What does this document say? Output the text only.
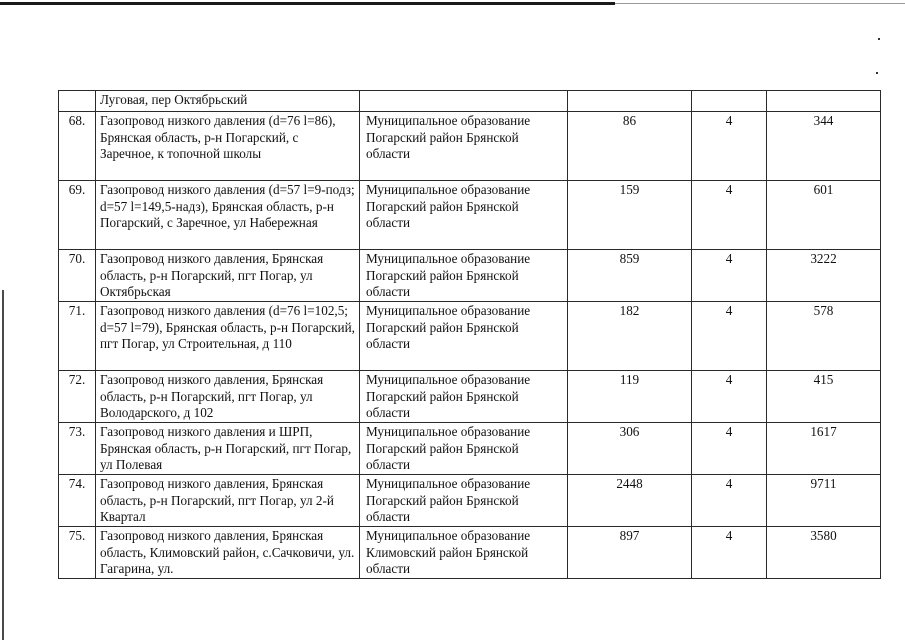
	Луговая, пер Октябрьский				
68.	Газопровод низкого давления (d=76 l=86), Брянская область, р-н Погарский, с Заречное, к топочной школы	Муниципальное образование Погарский район Брянской области	86	4	344
69.	Газопровод низкого давления (d=57 l=9-подз; d=57 l=149,5-надз), Брянская область, р-н Погарский, с Заречное, ул Набережная	Муниципальное образование Погарский район Брянской области	159	4	601
70.	Газопровод низкого давления, Брянская область, р-н Погарский, пгт Погар, ул Октябрьская	Муниципальное образование Погарский район Брянской области	859	4	3222
71.	Газопровод низкого давления (d=76 l=102,5; d=57 l=79), Брянская область, р-н Погарский, пгт Погар, ул Строительная, д 110	Муниципальное образование Погарский район Брянской области	182	4	578
72.	Газопровод низкого давления, Брянская область, р-н Погарский, пгт Погар, ул Володарского, д 102	Муниципальное образование Погарский район Брянской области	119	4	415
73.	Газопровод низкого давления и ШРП, Брянская область, р-н Погарский, пгт Погар, ул Полевая	Муниципальное образование Погарский район Брянской области	306	4	1617
74.	Газопровод низкого давления, Брянская область, р-н Погарский, пгт Погар, ул 2-й Квартал	Муниципальное образование Погарский район Брянской области	2448	4	9711
75.	Газопровод низкого давления, Брянская область, Климовский район, с.Сачковичи, ул. Гагарина, ул.	Муниципальное образование Климовский район Брянской области	897	4	3580
